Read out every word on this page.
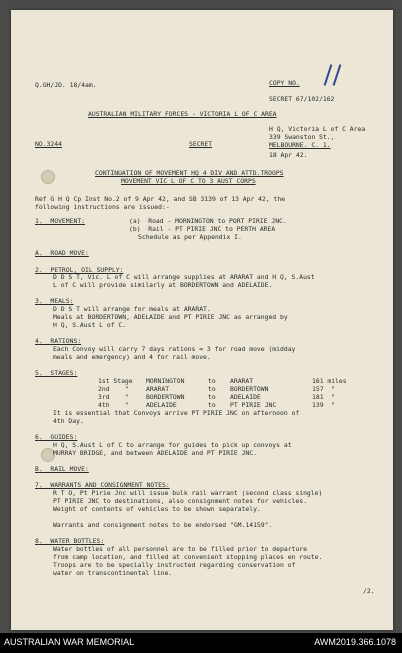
Q.GH/JD. 18/4am.	COPY NO.
SECRET 67/102/162
AUSTRALIAN MILITARY FORCES - VICTORIA L OF C AREA
H Q, Victoria L of C Area
339 Swanston St.,
MELBOURNE. C. 1.
18 Apr 42.
NO.3244	SECRET
CONTINUATION OF MOVEMENT HQ 4 DIV AND ATTD.TROOPS
MOVEMENT VIC L OF C TO 3 AUST CORPS
Ref G H Q Cp Inst No.2 of 9 Apr 42, and SB 3139 of 13 Apr 42, the
following instructions are issued:-
1.  MOVEMENT:	(a)  Road - MORNINGTON to PORT PIRIE JNC.
(b)  Rail - PT PIRIE JNC to PERTH AREA
Schedule as per Appendix I.
A.  ROAD MOVE:
2.  PETROL, OIL SUPPLY:
D D S T, Vic. L of C will arrange supplies at ARARAT and H Q, S.Aust
L of C will provide similarly at BORDERTOWN and ADELAIDE.
3.  MEALS:
D D S T will arrange for meals at ARARAT.
Meals at BORDERTOWN, ADELAIDE and PT PIRIE JNC as arranged by
H Q, S.Aust L of C.
4.  RATIONS:
Each Convoy will carry 7 days rations = 3 for road move (midday
meals and emergency) and 4 for rail move.
5.  STAGES:
1st Stage MORNINGTON	to ARARAT	161 miles
2nd    "	ARARAT	to BORDERTOWN	157  "
3rd    "	BORDERTOWN	to ADELAIDE	181  "
4th    "	ADELAIDE	to PT PIRIE JNC	139  "
It is essential that Convoys arrive PT PIRIE JNC on afternoon of
4th Day.
6.  GUIDES:
H Q, S.Aust L of C to arrange for guides to pick up convoys at
MURRAY BRIDGE, and between ADELAIDE and PT PIRIE JNC.
B.  RAIL MOVE:
7.  WARRANTS AND CONSIGNMENT NOTES:
R T O, Pt Pirie Jnc will issue bulk rail warrant (second class single)
PT PIRIE JNC to destinations, also consignment notes for vehicles.
Weight of contents of vehicles to be shown separately.
Warrants and consignment notes to be endorsed "GM.14159".
8.  WATER BOTTLES:
Water bottles of all personnel are to be filled prior to departure
from camp location, and filled at convenient stopping places en route.
Troops are to be specially instructed regarding conservation of
water on transcontinental line.
/2.
AUSTRALIAN WAR MEMORIAL	AWM2019.366.1078
